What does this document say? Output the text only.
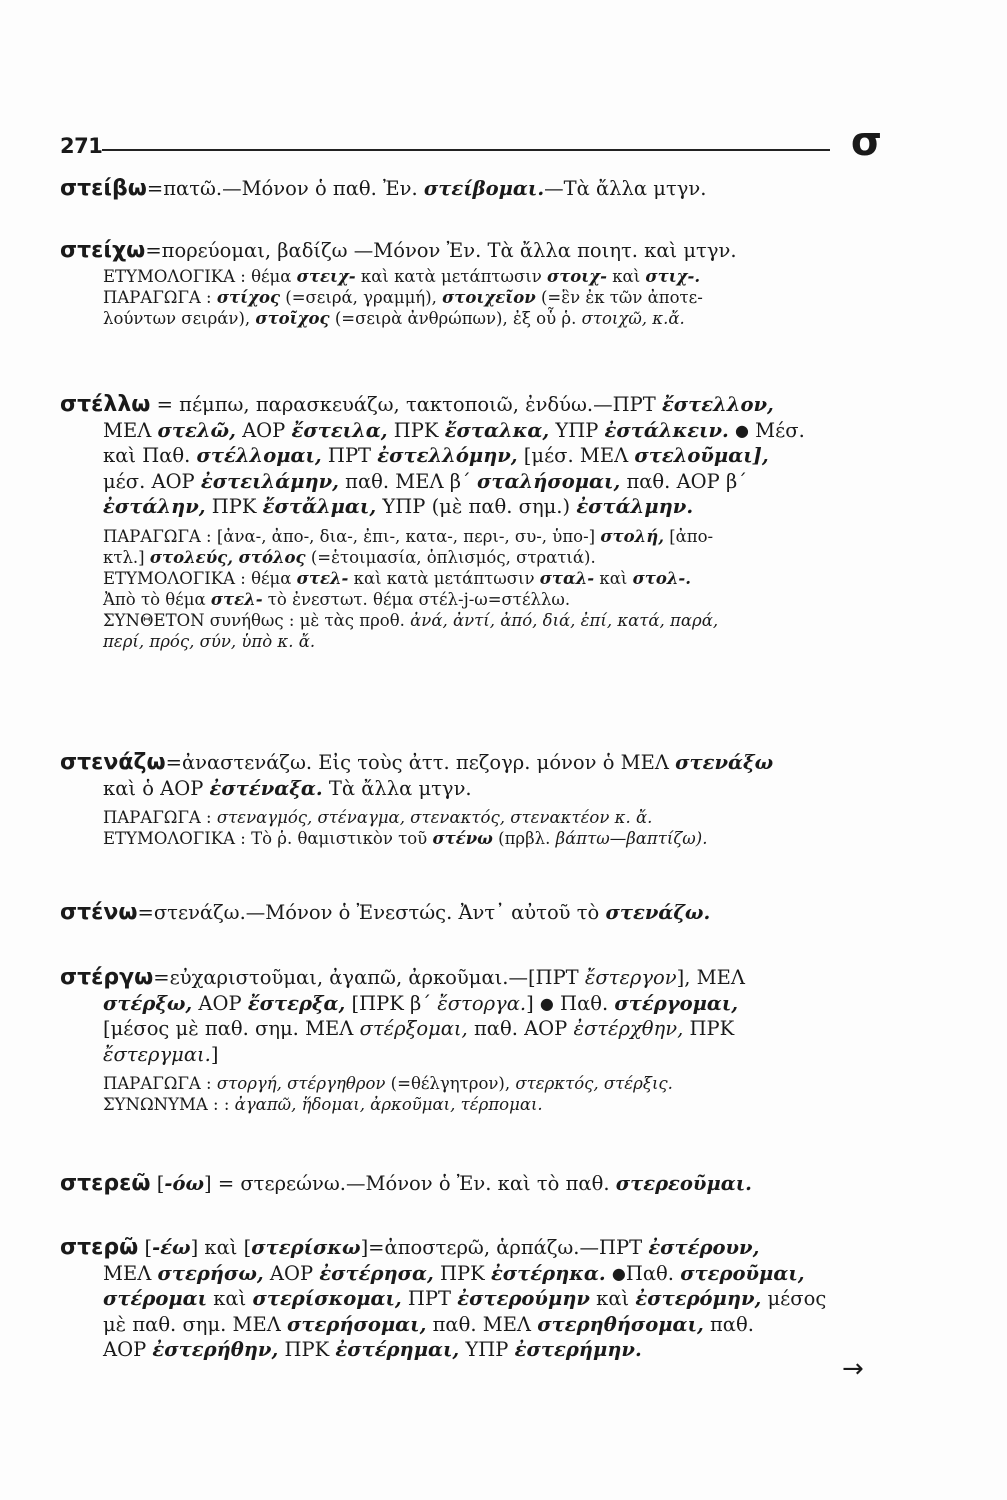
271	σ
στείβω=πατῶ.—Μόνον ὁ παθ. Ἐν. στείβομαι.—Τὰ ἄλλα μτγν.
στείχω=πορεύομαι, βαδίζω —Μόνον Ἐν. Τὰ ἄλλα ποιητ. καὶ μτγν.
ΕΤΥΜΟΛΟΓΙΚΑ : θέμα στειχ- καὶ κατὰ μετάπτωσιν στοιχ- καὶ στιχ-.
ΠΑΡΑΓΩΓΑ : στίχος (=σειρά, γραμμή), στοιχεῖον (=ἓν ἐκ τῶν ἀποτε-
λούντων σειράν), στοῖχος (=σειρὰ ἀνθρώπων), ἐξ οὗ ῥ. στοιχῶ, κ.ἄ.
στέλλω = πέμπω, παρασκευάζω, τακτοποιῶ, ἐνδύω.—ΠΡΤ ἔστελλον,
ΜΕΛ στελῶ, ΑΟΡ ἔστειλα, ΠΡΚ ἔσταλκα, ΥΠΡ ἐστάλκειν. ● Μέσ.
καὶ Παθ. στέλλομαι, ΠΡΤ ἐστελλόμην, [μέσ. ΜΕΛ στελοῦμαι],
μέσ. ΑΟΡ ἐστειλάμην, παθ. ΜΕΛ β΄ σταλήσομαι, παθ. ΑΟΡ β΄
ἐστάλην, ΠΡΚ ἔστἄλμαι, ΥΠΡ (μὲ παθ. σημ.) ἐστάλμην.
ΠΑΡΑΓΩΓΑ : [ἀνα-, ἀπο-, δια-, ἐπι-, κατα-, περι-, συ-, ὑπο-] στολή, [ἀπο-
κτλ.] στολεύς, στόλος (=ἑτοιμασία, ὁπλισμός, στρατιά).
ΕΤΥΜΟΛΟΓΙΚΑ : θέμα στελ- καὶ κατὰ μετάπτωσιν σταλ- καὶ στολ-.
Ἀπὸ τὸ θέμα στελ- τὸ ἐνεστωτ. θέμα στέλ-j-ω=στέλλω.
ΣΥΝΘΕΤΟΝ συνήθως : μὲ τὰς προθ. ἀνά, ἀντί, ἀπό, διά, ἐπί, κατά, παρά,
περί, πρός, σύν, ὑπὸ κ. ἄ.
στενάζω=ἀναστενάζω. Εἰς τοὺς ἀττ. πεζογρ. μόνον ὁ ΜΕΛ στενάξω
καὶ ὁ ΑΟΡ ἐστέναξα. Τὰ ἄλλα μτγν.
ΠΑΡΑΓΩΓΑ : στεναγμός, στέναγμα, στενακτός, στενακτέον κ. ἄ.
ΕΤΥΜΟΛΟΓΙΚΑ : Τὸ ῥ. θαμιστικὸν τοῦ στένω (πρβλ. βάπτω—βαπτίζω).
στένω=στενάζω.—Μόνον ὁ Ἐνεστώς. Ἀντ᾽ αὐτοῦ τὸ στενάζω.
στέργω=εὐχαριστοῦμαι, ἀγαπῶ, ἀρκοῦμαι.—[ΠΡΤ ἔστεργον], ΜΕΛ
στέρξω, ΑΟΡ ἔστερξα, [ΠΡΚ β΄ ἔστοργα.] ● Παθ. στέργομαι,
[μέσος μὲ παθ. σημ. ΜΕΛ στέρξομαι, παθ. ΑΟΡ ἐστέρχθην, ΠΡΚ
ἔστεργμαι.]
ΠΑΡΑΓΩΓΑ : στοργή, στέργηθρον (=θέλγητρον), στερκτός, στέρξις.
ΣΥΝΩΝΥΜΑ : : ἀγαπῶ, ἥδομαι, ἀρκοῦμαι, τέρπομαι.
στερεῶ [-όω] = στερεώνω.—Μόνον ὁ Ἐν. καὶ τὸ παθ. στερεοῦμαι.
στερῶ [-έω] καὶ [στερίσκω]=ἀποστερῶ, ἁρπάζω.—ΠΡΤ ἐστέρουν,
ΜΕΛ στερήσω, ΑΟΡ ἐστέρησα, ΠΡΚ ἐστέρηκα. ●Παθ. στεροῦμαι,
στέρομαι καὶ στερίσκομαι, ΠΡΤ ἐστερούμην καὶ ἐστερόμην, μέσος
μὲ παθ. σημ. ΜΕΛ στερήσομαι, παθ. ΜΕΛ στερηθήσομαι, παθ.
ΑΟΡ ἐστερήθην, ΠΡΚ ἐστέρημαι, ΥΠΡ ἐστερήμην.
→
